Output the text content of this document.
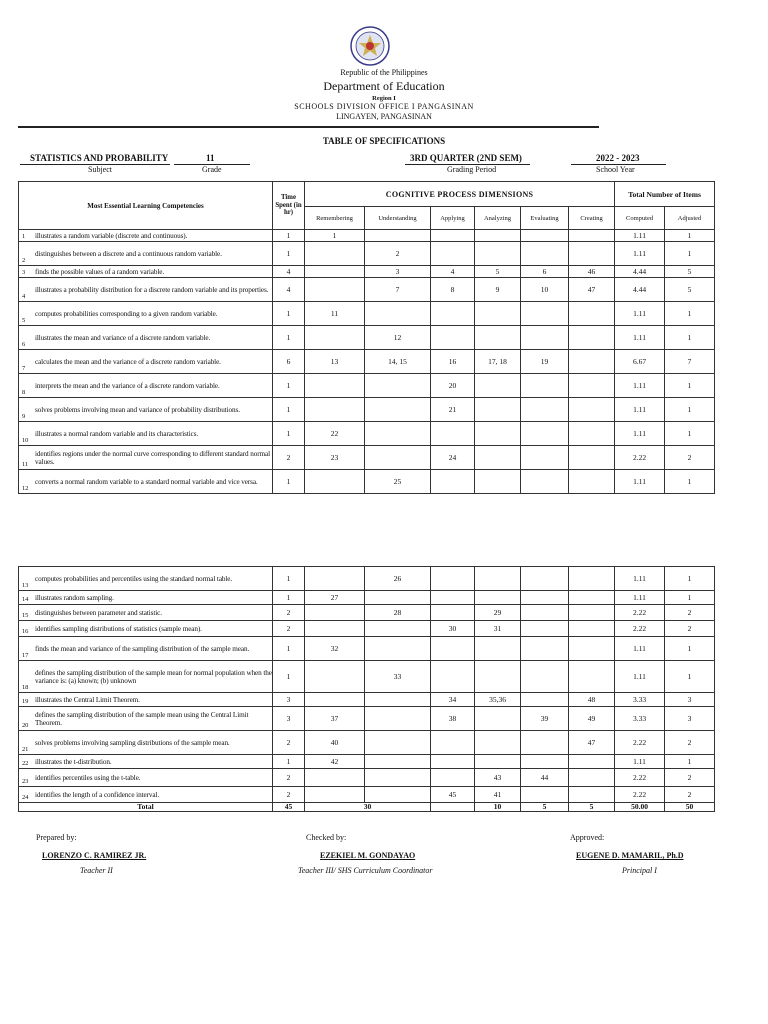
Republic of the Philippines
Department of Education
Region I
SCHOOLS DIVISION OFFICE I PANGASINAN
LINGAYEN, PANGASINAN
TABLE OF SPECIFICATIONS
STATISTICS AND PROBABILITY
Subject
11
Grade
3RD QUARTER (2ND SEM)
Grading Period
2022 - 2023
School Year
Most Essential Learning Competencies	Time Spent (in hr)	COGNITIVE PROCESS DIMENSIONS						Total Number of Items	
		Remembering	Understanding	Applying	Analyzing	Evaluating	Creating	Computed	Adjusted

1 illustrates a random variable (discrete and continuous).	1	1						1.11	1

2
distinguishes between a discrete and a continuous random variable.	1		2					1.11	1

3 finds the possible values of a random variable.	4		3	4	5	6	46	4.44	5

4
illustrates a probability distribution for a discrete random variable and its properties.	4		7	8	9	10	47	4.44	5

5
computes probabilities corresponding to a given random variable.	1	11						1.11	1

6
illustrates the mean and variance of a discrete random variable.	1		12					1.11	1

7
calculates the mean and the variance of a discrete random variable.	6	13	14, 15	16	17, 18	19		6.67	7

8
interprets the mean and the variance of a discrete random variable.	1			20				1.11	1

9
solves problems involving mean and variance of probability distributions.	1			21				1.11	1

10
illustrates a normal random variable and its characteristics.	1	22						1.11	1

11
identifies regions under the normal curve corresponding to different standard normal values.	2	23		24				2.22	2

12
converts a normal random variable to a standard normal variable and vice versa.	1		25					1.11	1
13
computes probabilities and percentiles using the standard normal table.	1		26					1.11	1

14 illustrates random sampling.	1	27						1.11	1

15 distinguishes between parameter and statistic.	2		28		29			2.22	2

16 identifies sampling distributions of statistics (sample mean).	2			30	31			2.22	2

17
finds the mean and variance of the sampling distribution of the sample mean.	1	32						1.11	1

18
defines the sampling distribution of the sample mean for normal population when the variance is: (a) known; (b) unknown	1		33					1.11	1

19 illustrates the Central Limit Theorem.	3			34	35,36		48	3.33	3

20
defines the sampling distribution of the sample mean using the Central Limit Theorem.	3	37		38		39	49	3.33	3

21
solves problems involving sampling distributions of the sample mean.	2	40					47	2.22	2

22 illustrates the t-distribution.	1	42						1.11	1

23 identifies percentiles using the t-table.	2				43	44		2.22	2

24 identifies the length of a confidence interval.	2			45	41			2.22	2
Total	45	30			10	5	5	50.00	50
Prepared by:
LORENZO C. RAMIREZ JR.
Teacher II
Checked by:
EZEKIEL M. GONDAYAO
Teacher III/ SHS Curriculum Coordinator
Approved:
EUGENE D. MAMARIL, Ph.D
Principal I
